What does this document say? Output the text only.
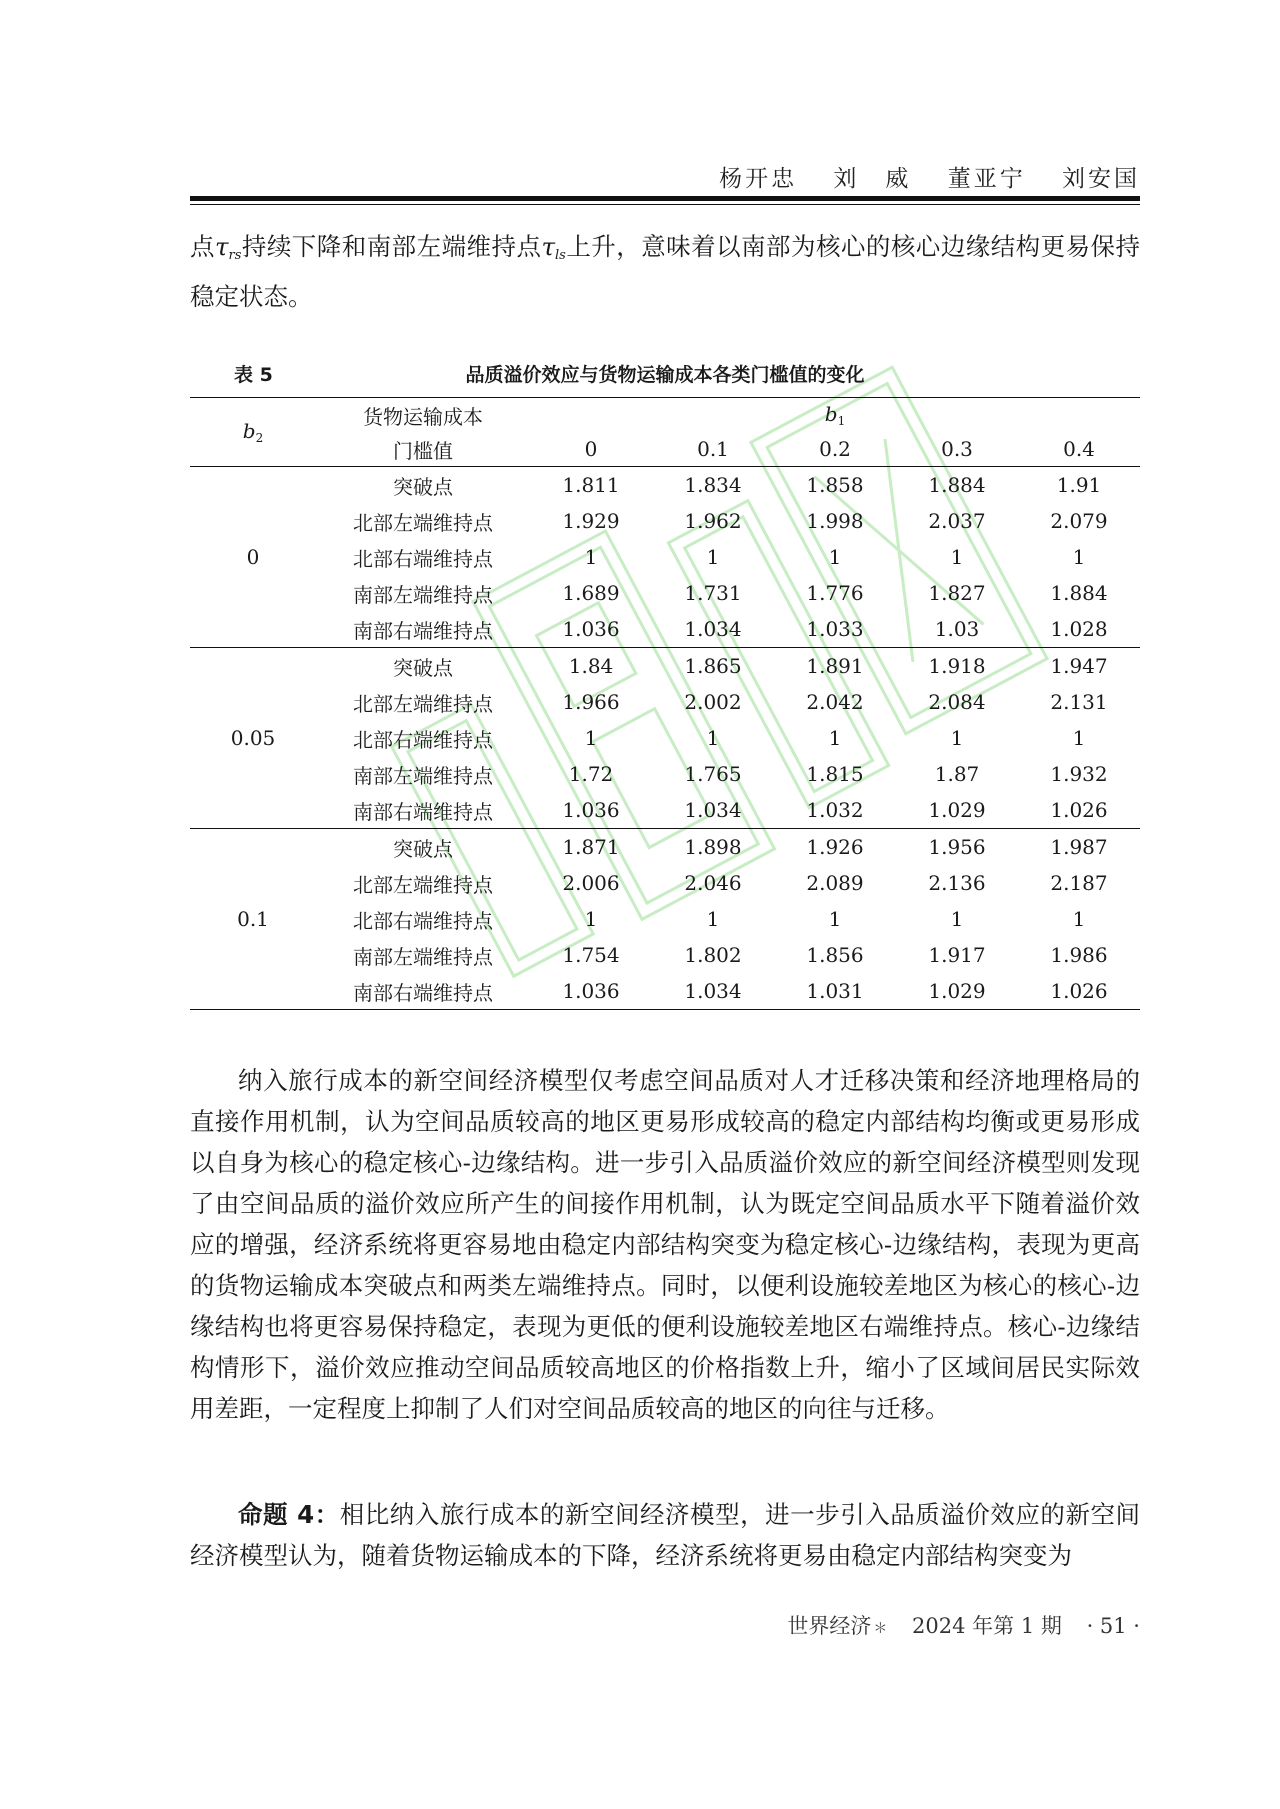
杨开忠 刘　威 董亚宁 刘安国
点$\tau_{rs}$持续下降和南部左端维持点$\tau_{ls}$上升，意味着以南部为核心的核心边缘结构更易保持稳定状态。
表 5	品质溢价效应与货物运输成本各类门槛值的变化
$b_2$	货物运输成本	$b_1$
	门槛值	0	0.1	0.2	0.3	0.4
0	突破点	1.811	1.834	1.858	1.884	1.91
	北部左端维持点	1.929	1.962	1.998	2.037	2.079
	北部右端维持点	1	1	1	1	1
	南部左端维持点	1.689	1.731	1.776	1.827	1.884
	南部右端维持点	1.036	1.034	1.033	1.03	1.028
0.05	突破点	1.84	1.865	1.891	1.918	1.947
	北部左端维持点	1.966	2.002	2.042	2.084	2.131
	北部右端维持点	1	1	1	1	1
	南部左端维持点	1.72	1.765	1.815	1.87	1.932
	南部右端维持点	1.036	1.034	1.032	1.029	1.026
0.1	突破点	1.871	1.898	1.926	1.956	1.987
	北部左端维持点	2.006	2.046	2.089	2.136	2.187
	北部右端维持点	1	1	1	1	1
	南部左端维持点	1.754	1.802	1.856	1.917	1.986
	南部右端维持点	1.036	1.034	1.031	1.029	1.026
纳入旅行成本的新空间经济模型仅考虑空间品质对人才迁移决策和经济地理格局的直接作用机制，认为空间品质较高的地区更易形成较高的稳定内部结构均衡或更易形成以自身为核心的稳定核心-边缘结构。进一步引入品质溢价效应的新空间经济模型则发现了由空间品质的溢价效应所产生的间接作用机制，认为既定空间品质水平下随着溢价效应的增强，经济系统将更容易地由稳定内部结构突变为稳定核心-边缘结构，表现为更高的货物运输成本突破点和两类左端维持点。同时，以便利设施较差地区为核心的核心-边缘结构也将更容易保持稳定，表现为更低的便利设施较差地区右端维持点。核心-边缘结构情形下，溢价效应推动空间品质较高地区的价格指数上升，缩小了区域间居民实际效用差距，一定程度上抑制了人们对空间品质较高的地区的向往与迁移。
命题 4：相比纳入旅行成本的新空间经济模型，进一步引入品质溢价效应的新空间经济模型认为，随着货物运输成本的下降，经济系统将更易由稳定内部结构突变为
世界经济 ＊ 2024 年第 1 期 · 51 ·
